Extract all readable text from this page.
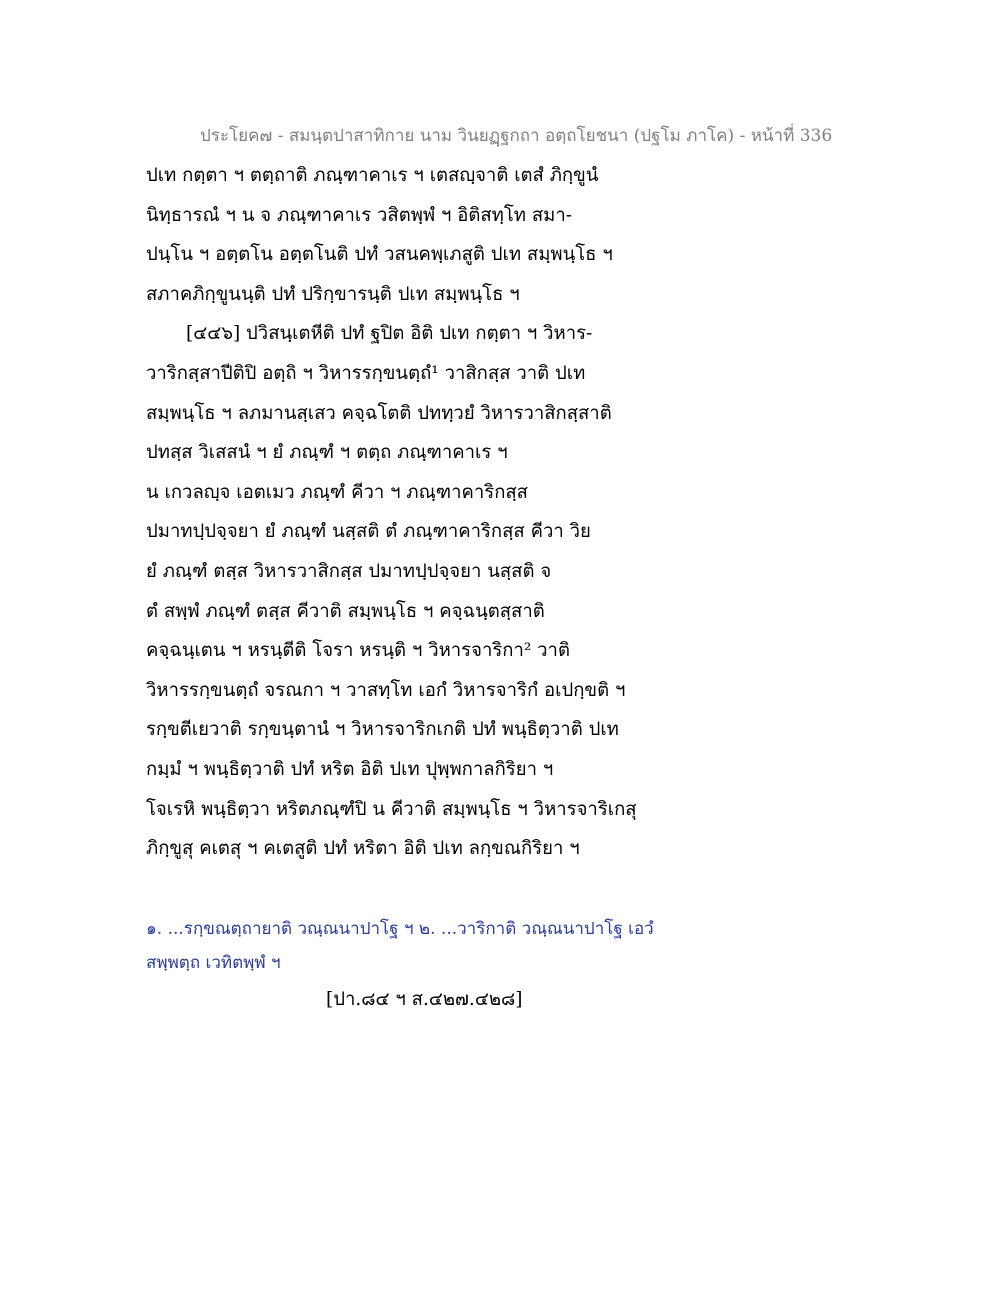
ประโยค๗ - สมนฺตปาสาทิกาย นาม วินยฏฺฐกถา อตฺถโยชนา (ปฐโม ภาโค) - หน้าที่ 336
ปเท กตฺตา ฯ ตตฺถาติ ภณฺฑาคาเร ฯ เตสญฺจาติ เตสํ ภิกฺขูนํ
นิทฺธารณํ ฯ น จ ภณฺฑาคาเร วสิตพฺพํ ฯ อิติสทฺโท สมา-
ปนฺโน ฯ อตฺตโน อตฺตโนติ ปทํ วสนคพฺเภสูติ ปเท สมฺพนฺโธ ฯ
สภาคภิกฺขูนนฺติ ปทํ ปริกฺขารนฺติ ปเท สมฺพนฺโธ ฯ
[๔๔๖] ปวิสนฺเตหีติ ปทํ ฐปิต อิติ ปเท กตฺตา ฯ วิหาร-
วาริกสฺสาปีติปิ อตฺถิ ฯ วิหารรกฺขนตฺถํ¹ วาสิกสฺส วาติ ปเท
สมฺพนฺโธ ฯ ลภมานสฺเสว คจฺฉโตติ ปททฺวยํ วิหารวาสิกสฺสาติ
ปทสฺส วิเสสนํ ฯ ยํ ภณฺฑํ ฯ ตตฺถ ภณฺฑาคาเร ฯ
น เกวลญฺจ เอตเมว ภณฺฑํ คีวา ฯ ภณฺฑาคาริกสฺส
ปมาทปฺปจฺจยา ยํ ภณฺฑํ นสฺสติ ตํ ภณฺฑาคาริกสฺส คีวา วิย
ยํ ภณฺฑํ ตสฺส วิหารวาสิกสฺส ปมาทปฺปจฺจยา นสฺสติ จ
ตํ สพฺพํ ภณฺฑํ ตสฺส คีวาติ สมฺพนฺโธ ฯ คจฺฉนฺตสฺสาติ
คจฺฉนฺเตน ฯ หรนฺตีติ โจรา หรนฺติ ฯ วิหารจาริกา² วาติ
วิหารรกฺขนตฺถํ จรณกา ฯ วาสทฺโท เอกํ วิหารจาริกํ อเปกฺขติ ฯ
รกฺขตีเยวาติ รกฺขนฺตานํ ฯ วิหารจาริกเกติ ปทํ พนฺธิตฺวาติ ปเท
กมฺมํ ฯ พนฺธิตฺวาติ ปทํ หริต อิติ ปเท ปุพฺพกาลกิริยา ฯ
โจเรหิ พนฺธิตฺวา หริตภณฺฑํปิ น คีวาติ สมฺพนฺโธ ฯ วิหารจาริเกสุ
ภิกฺขูสุ คเตสุ ฯ คเตสูติ ปทํ หริตา อิติ ปเท ลกฺขณกิริยา ฯ
๑. ...รกฺขณตฺถายาติ วณฺณนาปาโฐ ฯ ๒. ...วาริกาติ วณฺณนาปาโฐ เอวํ
สพฺพตฺถ เวทิตพฺพํ ฯ
[ปา.๘๔ ฯ ส.๔๒๗.๔๒๘]
